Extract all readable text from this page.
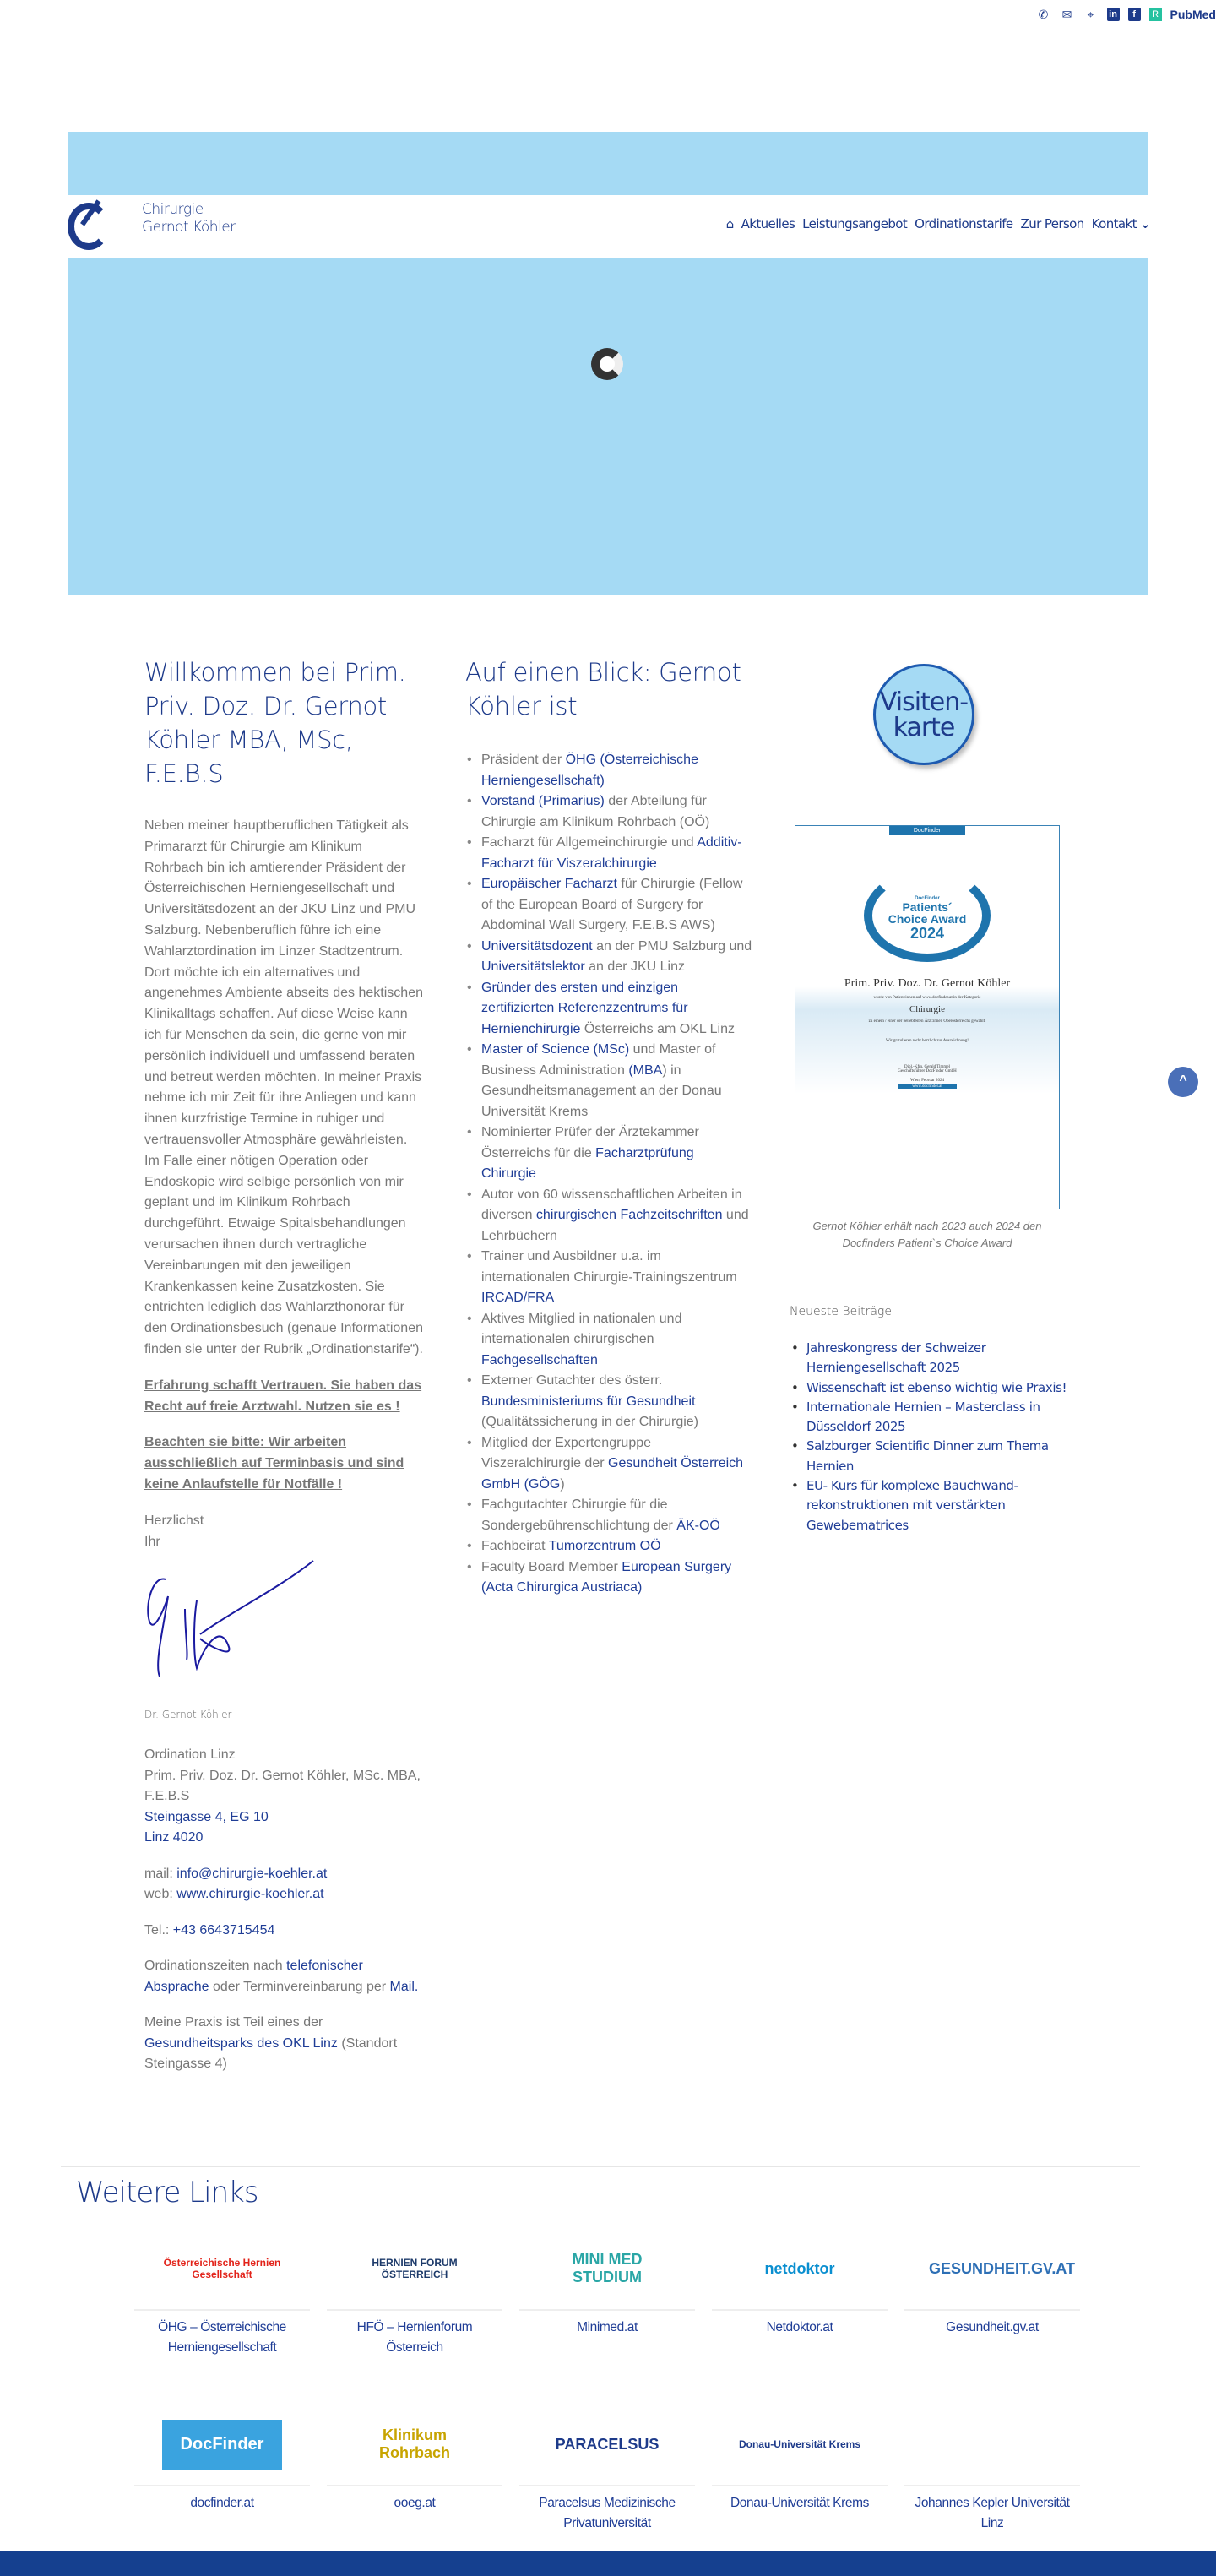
✆ ✉	⌖	in	f	R PubMed
Chirurgie
Gernot Köhler	⌂ Aktuelles Leistungsangebot Ordinationstarife Zur Person Kontakt ⌄
Willkommen bei Prim. Priv. Doz. Dr. Gernot Köhler MBA, MSc, F.E.B.S

Neben meiner hauptberuflichen Tätigkeit als Primararzt für Chirurgie am Klinikum Rohrbach bin ich amtierender Präsident der Österreichischen Herniengesellschaft und Universitätsdozent an der JKU Linz und PMU Salzburg. Nebenberuflich führe ich eine Wahlarztordination im Linzer Stadtzentrum. Dort möchte ich ein alternatives und angenehmes Ambiente abseits des hektischen Klinikalltags schaffen. Auf diese Weise kann ich für Menschen da sein, die gerne von mir persönlich individuell und umfassend beraten und betreut werden möchten. In meiner Praxis nehme ich mir Zeit für ihre Anliegen und kann ihnen kurzfristige Termine in ruhiger und vertrauensvoller Atmosphäre gewährleisten. Im Falle einer nötigen Operation oder Endoskopie wird selbige persönlich von mir geplant und im Klinikum Rohrbach durchgeführt. Etwaige Spitalsbehandlungen verursachen ihnen durch vertragliche Vereinbarungen mit den jeweiligen Krankenkassen keine Zusatzkosten. Sie entrichten lediglich das Wahlarzthonorar für den Ordinationsbesuch (genaue Informationen finden sie unter der Rubrik „Ordinationstarife“).

Erfahrung schafft Vertrauen. Sie haben das Recht auf freie Arztwahl. Nutzen sie es !

Beachten sie bitte: Wir arbeiten ausschließlich auf Terminbasis und sind keine Anlaufstelle für Notfälle !

Herzlichst
Ihr

Dr. Gernot Köhler

Ordination Linz
Prim. Priv. Doz. Dr. Gernot Köhler, MSc. MBA, F.E.B.S
Steingasse 4, EG 10
Linz 4020

mail: info@chirurgie-koehler.at
web: www.chirurgie-koehler.at

Tel.: +43 6643715454

Ordinationszeiten nach telefonischer Absprache oder Terminvereinbarung per Mail.

Meine Praxis ist Teil eines der Gesundheitsparks des OKL Linz (Standort Steingasse 4)

Auf einen Blick: Gernot Köhler ist
• Präsident der ÖHG (Österreichische Herniengesellschaft)
• Vorstand (Primarius) der Abteilung für Chirurgie am Klinikum Rohrbach (OÖ)
• Facharzt für Allgemeinchirurgie und Additiv- Facharzt für Viszeralchirurgie
• Europäischer Facharzt für Chirurgie (Fellow of the European Board of Surgery for Abdominal Wall Surgery, F.E.B.S AWS)
• Universitätsdozent an der PMU Salzburg und Universitätslektor an der JKU Linz
• Gründer des ersten und einzigen zertifizierten Referenzzentrums für Hernienchirurgie Österreichs am OKL Linz
• Master of Science (MSc) und Master of Business Administration (MBA) in Gesundheitsmanagement an der Donau Universität Krems
• Nominierter Prüfer der Ärztekammer Österreichs für die Facharztprüfung Chirurgie
• Autor von 60 wissenschaftlichen Arbeiten in diversen chirurgischen Fachzeitschriften und Lehrbüchern
• Trainer und Ausbildner u.a. im internationalen Chirurgie-Trainingszentrum IRCAD/FRA
• Aktives Mitglied in nationalen und internationalen chirurgischen Fachgesellschaften
• Externer Gutachter des österr. Bundesministeriums für Gesundheit (Qualitätssicherung in der Chirurgie)
• Mitglied der Expertengruppe Viszeralchirurgie der Gesundheit Österreich GmbH (GÖG)
• Fachgutachter Chirurgie für die Sondergebührenschlichtung der ÄK-OÖ
• Fachbeirat Tumorzentrum OÖ
• Faculty Board Member European Surgery (Acta Chirurgica Austriaca)
Visiten-
karte
DocFinder
DocFinder
Patients´
Choice Award
2024
Prim. Priv. Doz. Dr. Gernot Köhler
wurde von Patient:innen auf www.docfinder.at in der Kategorie
Chirurgie
zu einem / einer der beliebtesten Ärzt:innen Oberösterreichs gewählt.
Wir gratulieren recht herzlich zur Auszeichnung!
Dipl.-Kfm. Gerald Timmel
Geschäftsführer DocFinder GmbH
Wien, Februar 2024
www.docfinder.at
Gernot Köhler erhält nach 2023 auch 2024 den Docfinders Patient`s Choice Award
Neueste Beiträge
• Jahreskongress der Schweizer Herniengesellschaft 2025
• Wissenschaft ist ebenso wichtig wie Praxis!
• Internationale Hernien – Masterclass in Düsseldorf 2025
• Salzburger Scientific Dinner zum Thema Hernien
• EU- Kurs für komplexe Bauchwand-rekonstruktionen mit verstärkten Gewebematrices
^
Weitere Links
Österreichische Hernien Gesellschaft
ÖHG – Österreichische Herniengesellschaft
HERNIEN FORUM ÖSTERREICH
HFÖ – Hernienforum Österreich
MINI MED STUDIUM
Minimed.at
netdoktor
Netdoktor.at
GESUNDHEIT.GV.AT
Gesundheit.gv.at
DocFinder
docfinder.at
Klinikum Rohrbach
ooeg.at
PARACELSUS
Paracelsus Medizinische Privatuniversität
Donau-Universität Krems
Donau-Universität Krems	Johannes Kepler Universität Linz
